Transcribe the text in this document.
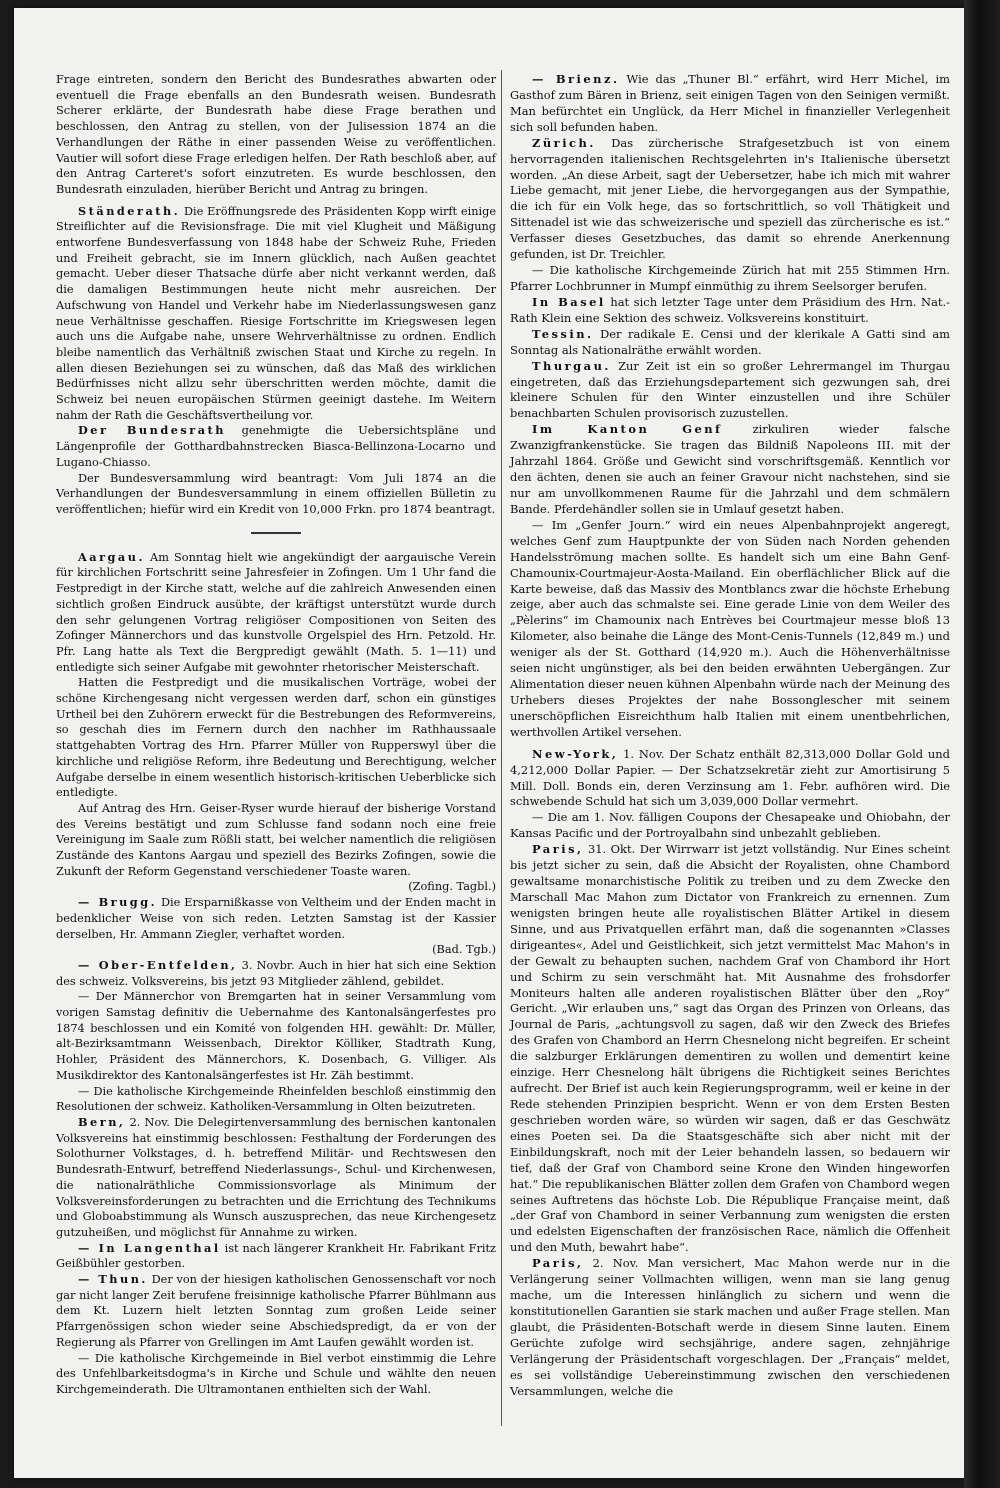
Frage eintreten, sondern den Bericht des Bundesrathes abwarten oder eventuell die Frage ebenfalls an den Bundesrath weisen. Bundesrath Scherer erklärte, der Bundesrath habe diese Frage berathen und beschlossen, den Antrag zu stellen, von der Julisession 1874 an die Verhandlungen der Räthe in einer passenden Weise zu veröffentlichen. Vautier will sofort diese Frage erledigen helfen. Der Rath beschloß aber, auf den Antrag Carteret's sofort einzutreten. Es wurde beschlossen, den Bundesrath einzuladen, hierüber Bericht und Antrag zu bringen.

Ständerath. Die Eröffnungsrede des Präsidenten Kopp wirft einige Streiflichter auf die Revisionsfrage. Die mit viel Klugheit und Mäßigung entworfene Bundesverfassung von 1848 habe der Schweiz Ruhe, Frieden und Freiheit gebracht, sie im Innern glücklich, nach Außen geachtet gemacht. Ueber dieser Thatsache dürfe aber nicht verkannt werden, daß die damaligen Bestimmungen heute nicht mehr ausreichen. Der Aufschwung von Handel und Verkehr habe im Niederlassungswesen ganz neue Verhältnisse geschaffen. Riesige Fortschritte im Kriegswesen legen auch uns die Aufgabe nahe, unsere Wehrverhältnisse zu ordnen. Endlich bleibe namentlich das Verhältniß zwischen Staat und Kirche zu regeln. In allen diesen Beziehungen sei zu wünschen, daß das Maß des wirklichen Bedürfnisses nicht allzu sehr überschritten werden möchte, damit die Schweiz bei neuen europäischen Stürmen geeinigt dastehe. Im Weitern nahm der Rath die Geschäftsvertheilung vor.

Der Bundesrath genehmigte die Uebersichtspläne und Längenprofile der Gotthardbahnstrecken Biasca-Bellinzona-Locarno und Lugano-Chiasso.

Der Bundesversammlung wird beantragt: Vom Juli 1874 an die Verhandlungen der Bundesversammlung in einem offiziellen Bülletin zu veröffentlichen; hiefür wird ein Kredit von 10,000 Frkn. pro 1874 beantragt.

Aargau. Am Sonntag hielt wie angekündigt der aargauische Verein für kirchlichen Fortschritt seine Jahresfeier in Zofingen. Um 1 Uhr fand die Festpredigt in der Kirche statt, welche auf die zahlreich Anwesenden einen sichtlich großen Eindruck ausübte, der kräftigst unterstützt wurde durch den sehr gelungenen Vortrag religiöser Compositionen von Seiten des Zofinger Männerchors und das kunstvolle Orgelspiel des Hrn. Petzold. Hr. Pfr. Lang hatte als Text die Bergpredigt gewählt (Math. 5. 1—11) und entledigte sich seiner Aufgabe mit gewohnter rhetorischer Meisterschaft.

Hatten die Festpredigt und die musikalischen Vorträge, wobei der schöne Kirchengesang nicht vergessen werden darf, schon ein günstiges Urtheil bei den Zuhörern erweckt für die Bestrebungen des Reformvereins, so geschah dies im Fernern durch den nachher im Rathhaussaale stattgehabten Vortrag des Hrn. Pfarrer Müller von Rupperswyl über die kirchliche und religiöse Reform, ihre Bedeutung und Berechtigung, welcher Aufgabe derselbe in einem wesentlich historisch-kritischen Ueberblicke sich entledigte.

Auf Antrag des Hrn. Geiser-Ryser wurde hierauf der bisherige Vorstand des Vereins bestätigt und zum Schlusse fand sodann noch eine freie Vereinigung im Saale zum Rößli statt, bei welcher namentlich die religiösen Zustände des Kantons Aargau und speziell des Bezirks Zofingen, sowie die Zukunft der Reform Gegenstand verschiedener Toaste waren.
(Zofing. Tagbl.)

— Brugg. Die Ersparnißkasse von Veltheim und der Enden macht in bedenklicher Weise von sich reden. Letzten Samstag ist der Kassier derselben, Hr. Ammann Ziegler, verhaftet worden.
(Bad. Tgb.)

— Ober-Entfelden, 3. Novbr. Auch in hier hat sich eine Sektion des schweiz. Volksvereins, bis jetzt 93 Mitglieder zählend, gebildet.

— Der Männerchor von Bremgarten hat in seiner Versammlung vom vorigen Samstag definitiv die Uebernahme des Kantonalsängerfestes pro 1874 beschlossen und ein Komité von folgenden HH. gewählt: Dr. Müller, alt-Bezirksamtmann Weissenbach, Direktor Kölliker, Stadtrath Kung, Hohler, Präsident des Männerchors, K. Dosenbach, G. Villiger. Als Musikdirektor des Kantonalsängerfestes ist Hr. Zäh bestimmt.

— Die katholische Kirchgemeinde Rheinfelden beschloß einstimmig den Resolutionen der schweiz. Katholiken-Versammlung in Olten beizutreten.

Bern, 2. Nov. Die Delegirtenversammlung des bernischen kantonalen Volksvereins hat einstimmig beschlossen: Festhaltung der Forderungen des Solothurner Volkstages, d. h. betreffend Militär- und Rechtswesen den Bundesrath-Entwurf, betreffend Niederlassungs-, Schul- und Kirchenwesen, die nationalräthliche Commissionsvorlage als Minimum der Volksvereinsforderungen zu betrachten und die Errichtung des Technikums und Globoabstimmung als Wunsch auszusprechen, das neue Kirchengesetz gutzuheißen, und möglichst für Annahme zu wirken.

— In Langenthal ist nach längerer Krankheit Hr. Fabrikant Fritz Geißbühler gestorben.

— Thun. Der von der hiesigen katholischen Genossenschaft vor noch gar nicht langer Zeit berufene freisinnige katholische Pfarrer Bühlmann aus dem Kt. Luzern hielt letzten Sonntag zum großen Leide seiner Pfarrgenössigen schon wieder seine Abschiedspredigt, da er von der Regierung als Pfarrer von Grellingen im Amt Laufen gewählt worden ist.

— Die katholische Kirchgemeinde in Biel verbot einstimmig die Lehre des Unfehlbarkeitsdogma's in Kirche und Schule und wählte den neuen Kirchgemeinderath. Die Ultramontanen enthielten sich der Wahl.

— Brienz. Wie das „Thuner Bl.“ erfährt, wird Herr Michel, im Gasthof zum Bären in Brienz, seit einigen Tagen von den Seinigen vermißt. Man befürchtet ein Unglück, da Herr Michel in finanzieller Verlegenheit sich soll befunden haben.

Zürich. Das zürcherische Strafgesetzbuch ist von einem hervorragenden italienischen Rechtsgelehrten in's Italienische übersetzt worden. „An diese Arbeit, sagt der Uebersetzer, habe ich mich mit wahrer Liebe gemacht, mit jener Liebe, die hervorgegangen aus der Sympathie, die ich für ein Volk hege, das so fortschrittlich, so voll Thätigkeit und Sittenadel ist wie das schweizerische und speziell das zürcherische es ist.“ Verfasser dieses Gesetzbuches, das damit so ehrende Anerkennung gefunden, ist Dr. Treichler.

— Die katholische Kirchgemeinde Zürich hat mit 255 Stimmen Hrn. Pfarrer Lochbrunner in Mumpf einmüthig zu ihrem Seelsorger berufen.

In Basel hat sich letzter Tage unter dem Präsidium des Hrn. Nat.-Rath Klein eine Sektion des schweiz. Volksvereins konstituirt.

Tessin. Der radikale E. Censi und der klerikale A Gatti sind am Sonntag als Nationalräthe erwählt worden.

Thurgau. Zur Zeit ist ein so großer Lehrermangel im Thurgau eingetreten, daß das Erziehungsdepartement sich gezwungen sah, drei kleinere Schulen für den Winter einzustellen und ihre Schüler benachbarten Schulen provisorisch zuzustellen.

Im Kanton Genf	zirkuliren wieder falsche Zwanzigfrankenstücke. Sie tragen das Bildniß Napoleons III. mit der Jahrzahl 1864. Größe und Gewicht sind vorschriftsgemäß. Kenntlich vor den ächten, denen sie auch an feiner Gravour nicht nachstehen, sind sie nur am unvollkommenen Raume für die Jahrzahl und dem schmälern Bande. Pferdehändler sollen sie in Umlauf gesetzt haben.

— Im „Genfer Journ.“ wird ein neues Alpenbahnprojekt angeregt, welches Genf zum Hauptpunkte der von Süden nach Norden gehenden Handelsströmung machen sollte. Es handelt sich um eine Bahn Genf-Chamounix-Courtmajeur-Aosta-Mailand. Ein oberflächlicher Blick auf die Karte beweise, daß das Massiv des Montblancs zwar die höchste Erhebung zeige, aber auch das schmalste sei. Eine gerade Linie von dem Weiler des „Pèlerins“ im Chamounix nach Entrèves bei Courtmajeur messe bloß 13 Kilometer, also beinahe die Länge des Mont-Cenis-Tunnels (12,849 m.) und weniger als der St. Gotthard (14,920 m.). Auch die Höhenverhältnisse seien nicht ungünstiger, als bei den beiden erwähnten Uebergängen. Zur Alimentation dieser neuen kühnen Alpenbahn würde nach der Meinung des Urhebers dieses Projektes der nahe Bossonglescher mit seinem unerschöpflichen Eisreichthum halb Italien mit einem unentbehrlichen, werthvollen Artikel versehen.

New-York, 1. Nov. Der Schatz enthält 82,313,000 Dollar Gold und 4,212,000 Dollar Papier. — Der Schatzsekretär zieht zur Amortisirung 5 Mill. Doll. Bonds ein, deren Verzinsung am 1. Febr. aufhören wird. Die schwebende Schuld hat sich um 3,039,000 Dollar vermehrt.

— Die am 1. Nov. fälligen Coupons der Chesapeake und Ohiobahn, der Kansas Pacific und der Portroyalbahn sind unbezahlt geblieben.

Paris, 31. Okt. Der Wirrwarr ist jetzt vollständig. Nur Eines scheint bis jetzt sicher zu sein, daß die Absicht der Royalisten, ohne Chambord gewaltsame monarchistische Politik zu treiben und zu dem Zwecke den Marschall Mac Mahon zum Dictator von Frankreich zu ernennen. Zum wenigsten bringen heute alle royalistischen Blätter Artikel in diesem Sinne, und aus Privatquellen erfährt man, daß die sogenannten »Classes dirigeantes«, Adel und Geistlichkeit, sich jetzt vermittelst Mac Mahon's in der Gewalt zu behaupten suchen, nachdem Graf von Chambord ihr Hort und Schirm zu sein verschmäht hat. Mit Ausnahme des frohsdorfer Moniteurs halten alle anderen royalistischen Blätter über den „Roy“ Gericht. „Wir erlauben uns,“ sagt das Organ des Prinzen von Orleans, das Journal de Paris, „achtungsvoll zu sagen, daß wir den Zweck des Briefes des Grafen von Chambord an Herrn Chesnelong nicht begreifen. Er scheint die salzburger Erklärungen dementiren zu wollen und dementirt keine einzige. Herr Chesnelong hält übrigens die Richtigkeit seines Berichtes aufrecht. Der Brief ist auch kein Regierungsprogramm, weil er keine in der Rede stehenden Prinzipien bespricht. Wenn er von dem Ersten Besten geschrieben worden wäre, so würden wir sagen, daß er das Geschwätz eines Poeten sei. Da die Staatsgeschäfte sich aber nicht mit der Einbildungskraft, noch mit der Leier behandeln lassen, so bedauern wir tief, daß der Graf von Chambord seine Krone den Winden hingeworfen hat.“ Die republikanischen Blätter zollen dem Grafen von Chambord wegen seines Auftretens das höchste Lob. Die République Française meint, daß „der Graf von Chambord in seiner Verbannung zum wenigsten die ersten und edelsten Eigenschaften der französischen Race, nämlich die Offenheit und den Muth, bewahrt habe“.

Paris, 2. Nov. Man versichert, Mac Mahon werde nur in die Verlängerung seiner Vollmachten willigen, wenn man sie lang genug mache, um die Interessen hinlänglich zu sichern und wenn die konstitutionellen Garantien sie stark machen und außer Frage stellen. Man glaubt, die Präsidenten-Botschaft werde in diesem Sinne lauten. Einem Gerüchte zufolge wird sechsjährige, andere sagen, zehnjährige Verlängerung der Präsidentschaft vorgeschlagen. Der „Français“ meldet, es sei vollständige Uebereinstimmung zwischen den verschiedenen Versammlungen, welche die
